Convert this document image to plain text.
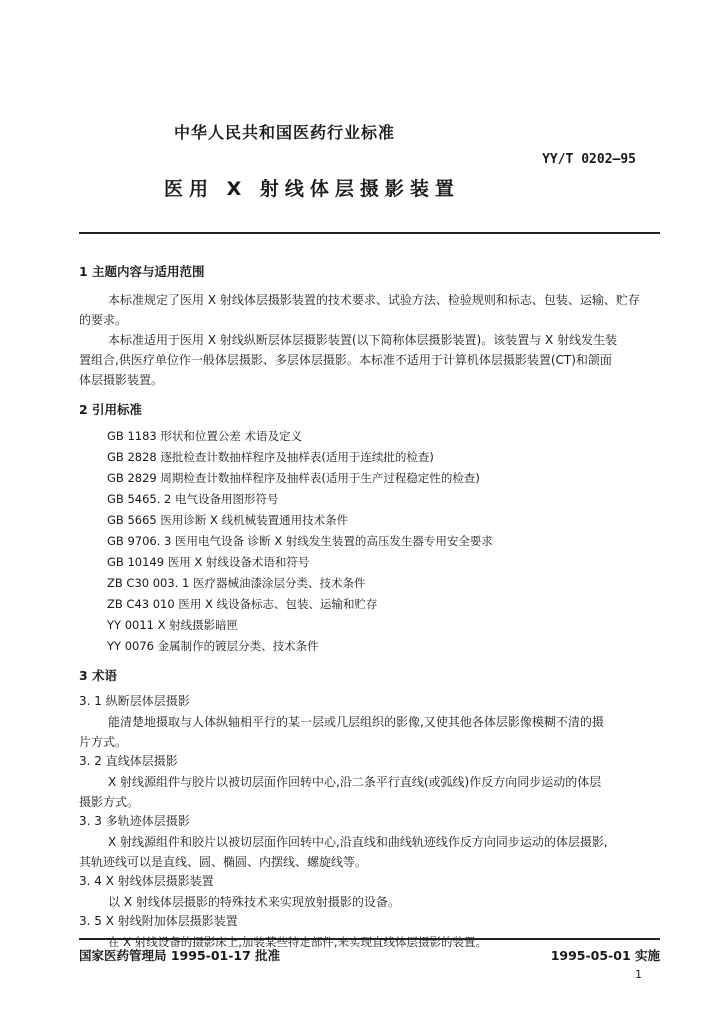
中华人民共和国医药行业标准
YY/T 0202—95
医用 X 射线体层摄影装置
1 主题内容与适用范围
本标准规定了医用 X 射线体层摄影装置的技术要求、试验方法、检验规则和标志、包装、运输、贮存
的要求。
本标准适用于医用 X 射线纵断层体层摄影装置(以下简称体层摄影装置)。该装置与 X 射线发生装
置组合,供医疗单位作一般体层摄影、多层体层摄影。本标准不适用于计算机体层摄影装置(CT)和颌面
体层摄影装置。
2 引用标准
GB 1183 形状和位置公差 术语及定义
GB 2828 逐批检查计数抽样程序及抽样表(适用于连续批的检查)
GB 2829 周期检查计数抽样程序及抽样表(适用于生产过程稳定性的检查)
GB 5465. 2 电气设备用图形符号
GB 5665 医用诊断 X 线机械装置通用技术条件
GB 9706. 3 医用电气设备 诊断 X 射线发生装置的高压发生器专用安全要求
GB 10149 医用 X 射线设备术语和符号
ZB C30 003. 1 医疗器械油漆涂层分类、技术条件
ZB C43 010 医用 X 线设备标志、包装、运输和贮存
YY 0011 X 射线摄影暗匣
YY 0076 金属制作的镀层分类、技术条件
3 术语
3. 1 纵断层体层摄影
能清楚地摄取与人体纵轴相平行的某一层或几层组织的影像,又使其他各体层影像模糊不清的摄
片方式。
3. 2 直线体层摄影
X 射线源组件与胶片以被切层面作回转中心,沿二条平行直线(或弧线)作反方向同步运动的体层
摄影方式。
3. 3 多轨迹体层摄影
X 射线源组件和胶片以被切层面作回转中心,沿直线和曲线轨迹线作反方向同步运动的体层摄影,
其轨迹线可以是直线、圆、椭圆、内摆线、螺旋线等。
3. 4 X 射线体层摄影装置
以 X 射线体层摄影的特殊技术来实现放射摄影的设备。
3. 5 X 射线附加体层摄影装置
在 X 射线设备的摄影床上,加装某些特定部件,来实现直线体层摄影的装置。
国家医药管理局 1995-01-17 批准	1995-05-01 实施
1
